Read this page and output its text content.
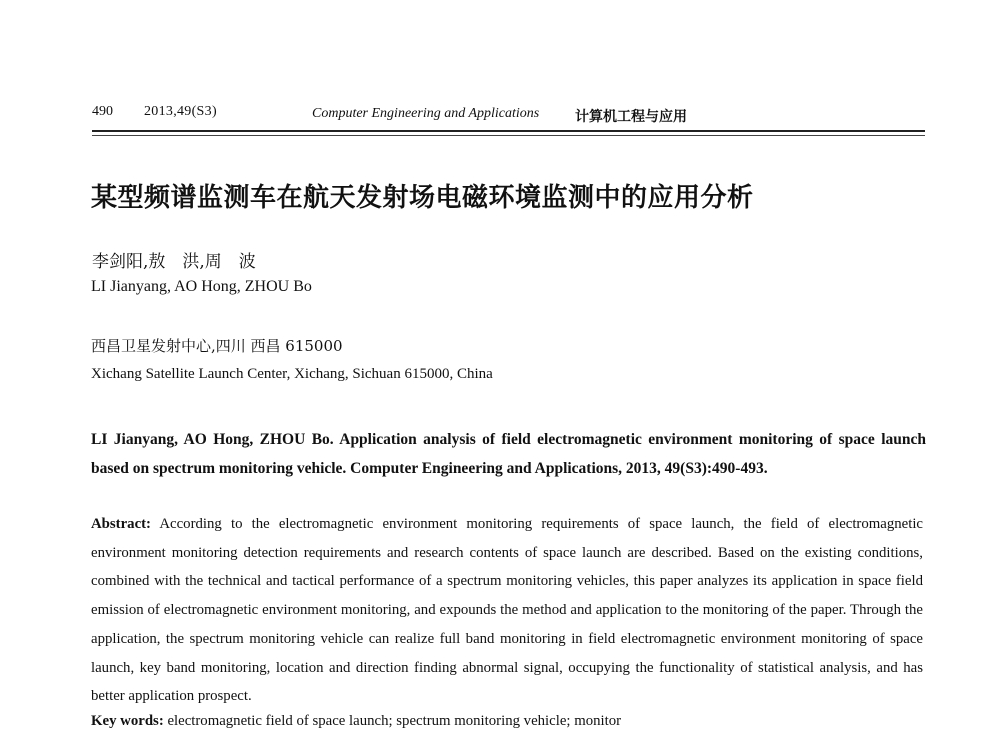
490 2013,49(S3)	Computer Engineering and Applications	计算机工程与应用
某型频谱监测车在航天发射场电磁环境监测中的应用分析
李剑阳,敖　洪,周　波
LI Jianyang, AO Hong, ZHOU Bo
西昌卫星发射中心,四川 西昌 615000
Xichang Satellite Launch Center, Xichang, Sichuan 615000, China
LI Jianyang, AO Hong, ZHOU Bo. Application analysis of field electromagnetic environment monitoring of space launch based on spectrum monitoring vehicle. Computer Engineering and Applications, 2013, 49(S3):490-493.
Abstract: According to the electromagnetic environment monitoring requirements of space launch, the field of electromagnetic environment monitoring detection requirements and research contents of space launch are described. Based on the existing conditions, combined with the technical and tactical performance of a spectrum monitoring vehicles, this paper analyzes its application in space field emission of electromagnetic environment monitoring, and expounds the method and application to the monitoring of the paper. Through the application, the spectrum monitoring vehicle can realize full band monitoring in field electromagnetic environment monitoring of space launch, key band monitoring, location and direction finding abnormal signal, occupying the functionality of statistical analysis, and has better application prospect.
Key words: electromagnetic field of space launch; spectrum monitoring vehicle; monitor
